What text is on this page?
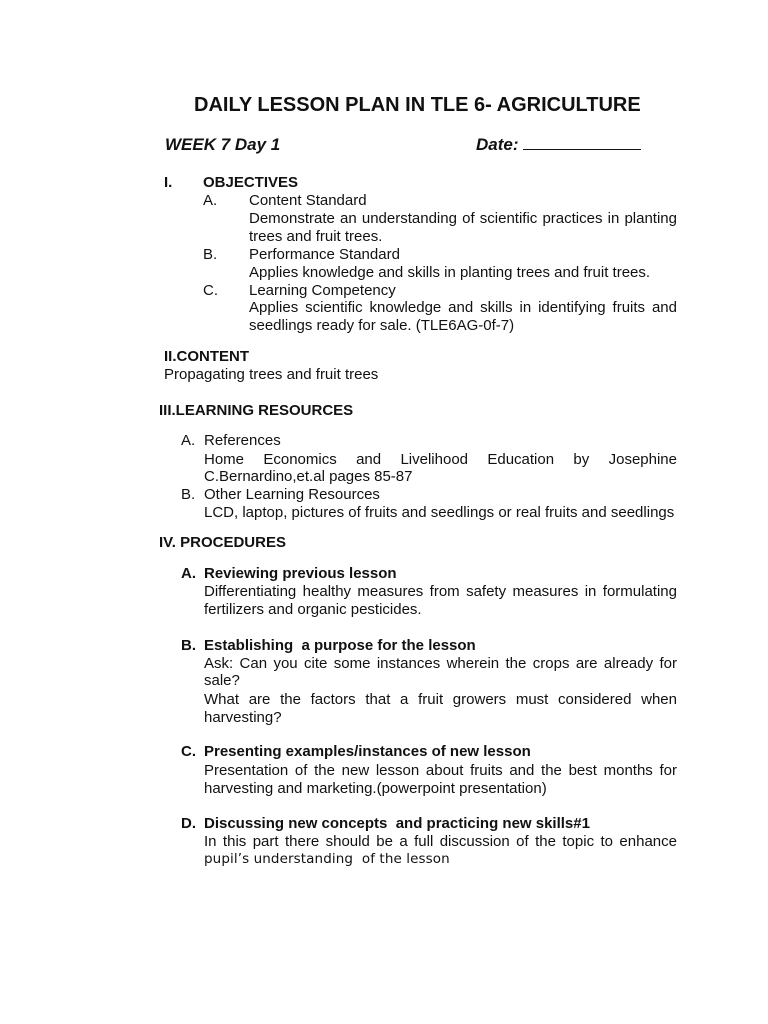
DAILY LESSON PLAN IN TLE 6- AGRICULTURE
WEEK 7 Day 1	Date:
I. OBJECTIVES
A. Content Standard
Demonstrate an understanding of scientific practices in planting
trees and fruit trees.
B. Performance Standard
Applies knowledge and skills in planting trees and fruit trees.
C. Learning Competency
Applies scientific knowledge and skills in identifying fruits and
seedlings ready for sale. (TLE6AG-0f-7)
II.CONTENT
Propagating trees and fruit trees
III.LEARNING RESOURCES
A. References
Home Economics and Livelihood Education by Josephine
C.Bernardino,et.al pages 85-87
B. Other Learning Resources
LCD, laptop, pictures of fruits and seedlings or real fruits and seedlings
IV. PROCEDURES
A. Reviewing previous lesson
Differentiating healthy measures from safety measures in formulating
fertilizers and organic pesticides.
B. Establishing  a purpose for the lesson
Ask: Can you cite some instances wherein the crops are already for
sale?
What are the factors that a fruit growers must considered when
harvesting?
C. Presenting examples/instances of new lesson
Presentation of the new lesson about fruits and the best months for
harvesting and marketing.(powerpoint presentation)
D. Discussing new concepts  and practicing new skills#1
In this part there should be a full discussion of the topic to enhance
pupil’s understanding  of the lesson
